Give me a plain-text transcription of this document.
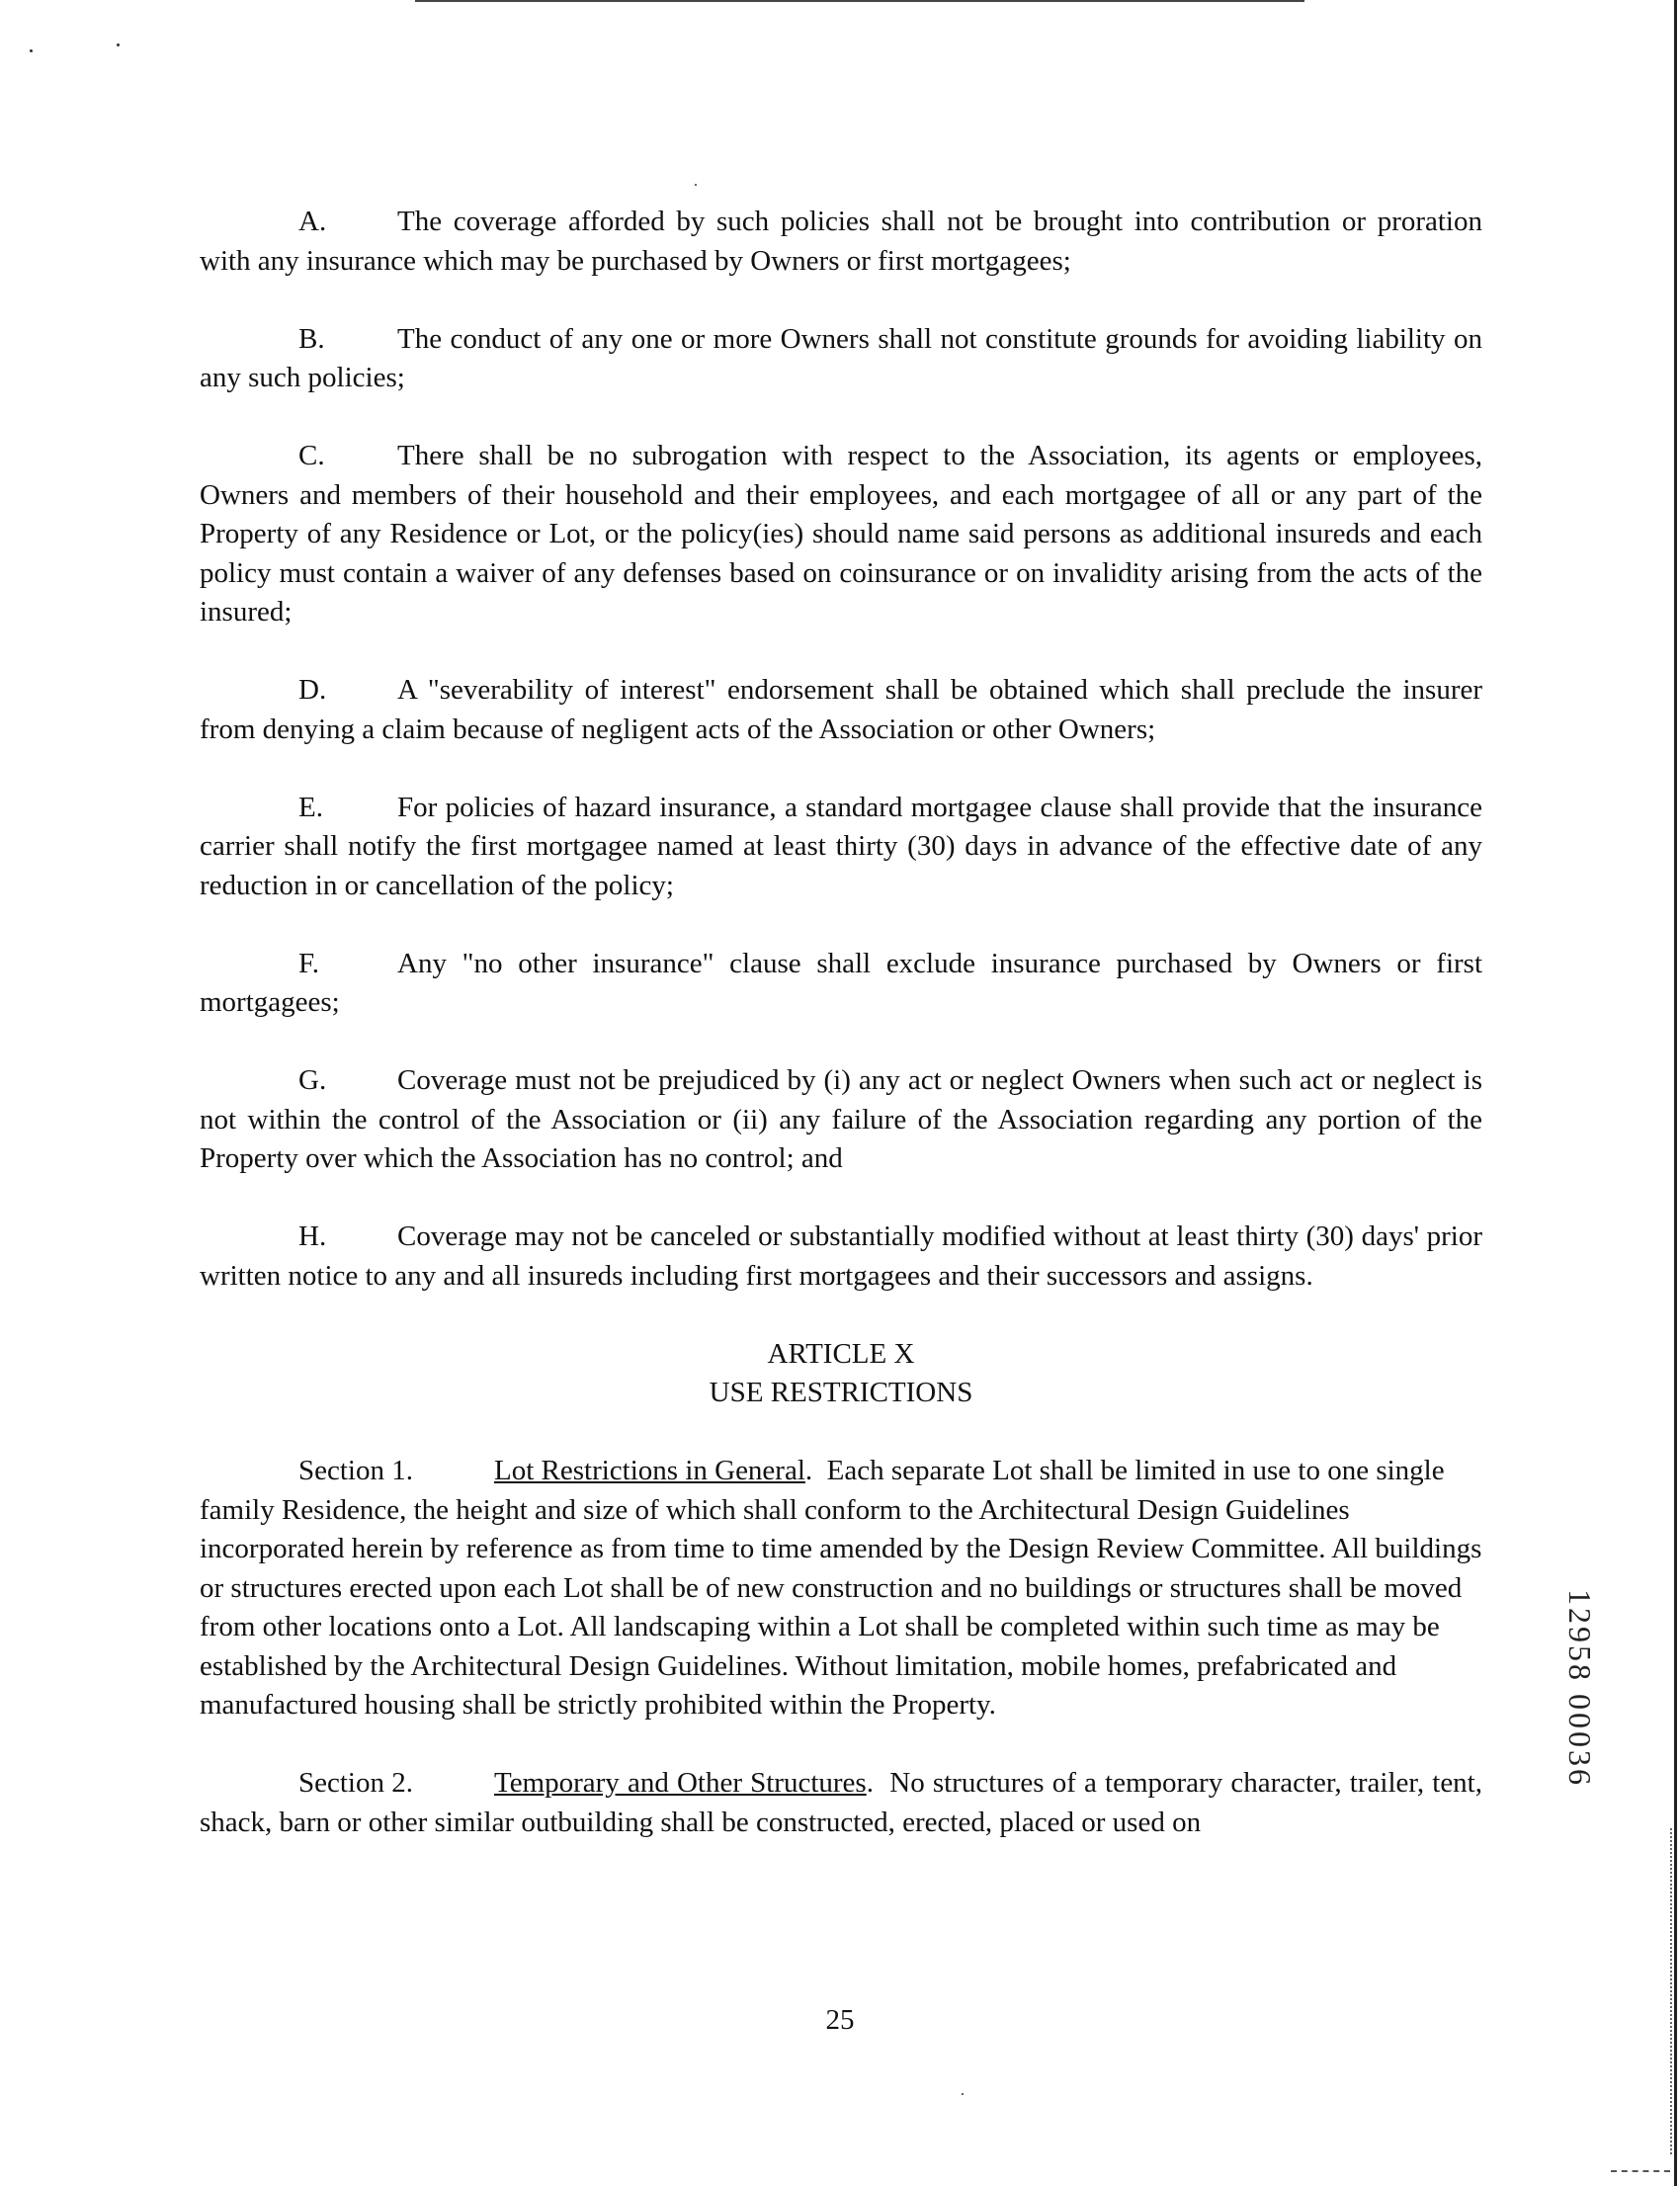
A. The coverage afforded by such policies shall not be brought into contribution or proration with any insurance which may be purchased by Owners or first mortgagees;

B.	The conduct of any one or more Owners shall not constitute grounds for avoiding liability on any such policies;

C.	There shall be no subrogation with respect to the Association, its agents or employees, Owners and members of their household and their employees, and each mortgagee of all or any part of the Property of any Residence or Lot, or the policy(ies) should name said persons as additional insureds and each policy must contain a waiver of any defenses based on coinsurance or on invalidity arising from the acts of the insured;

D. A "severability of interest" endorsement shall be obtained which shall preclude the insurer from denying a claim because of negligent acts of the Association or other Owners;

E.	For policies of hazard insurance, a standard mortgagee clause shall provide that the insurance carrier shall notify the first mortgagee named at least thirty (30) days in advance of the effective date of any reduction in or cancellation of the policy;

F.	Any "no other insurance" clause shall exclude insurance purchased by Owners or first mortgagees;

G. Coverage must not be prejudiced by (i) any act or neglect Owners when such act or neglect is not within the control of the Association or (ii) any failure of the Association regarding any portion of the Property over which the Association has no control; and

H. Coverage may not be canceled or substantially modified without at least thirty (30) days' prior written notice to any and all insureds including first mortgagees and their successors and assigns.

ARTICLE X
USE RESTRICTIONS

Section 1.	Lot Restrictions in General.  Each separate Lot shall be limited in use to one single family Residence, the height and size of which shall conform to the Architectural Design Guidelines incorporated herein by reference as from time to time amended by the Design Review Committee. All buildings or structures erected upon each Lot shall be of new construction and no buildings or structures shall be moved from other locations onto a Lot. All landscaping within a Lot shall be completed within such time as may be established by the Architectural Design Guidelines. Without limitation, mobile homes, prefabricated and manufactured housing shall be strictly prohibited within the Property.

Section 2.	Temporary and Other Structures.  No structures of a temporary character, trailer, tent, shack, barn or other similar outbuilding shall be constructed, erected, placed or used on

25
12958 00036
